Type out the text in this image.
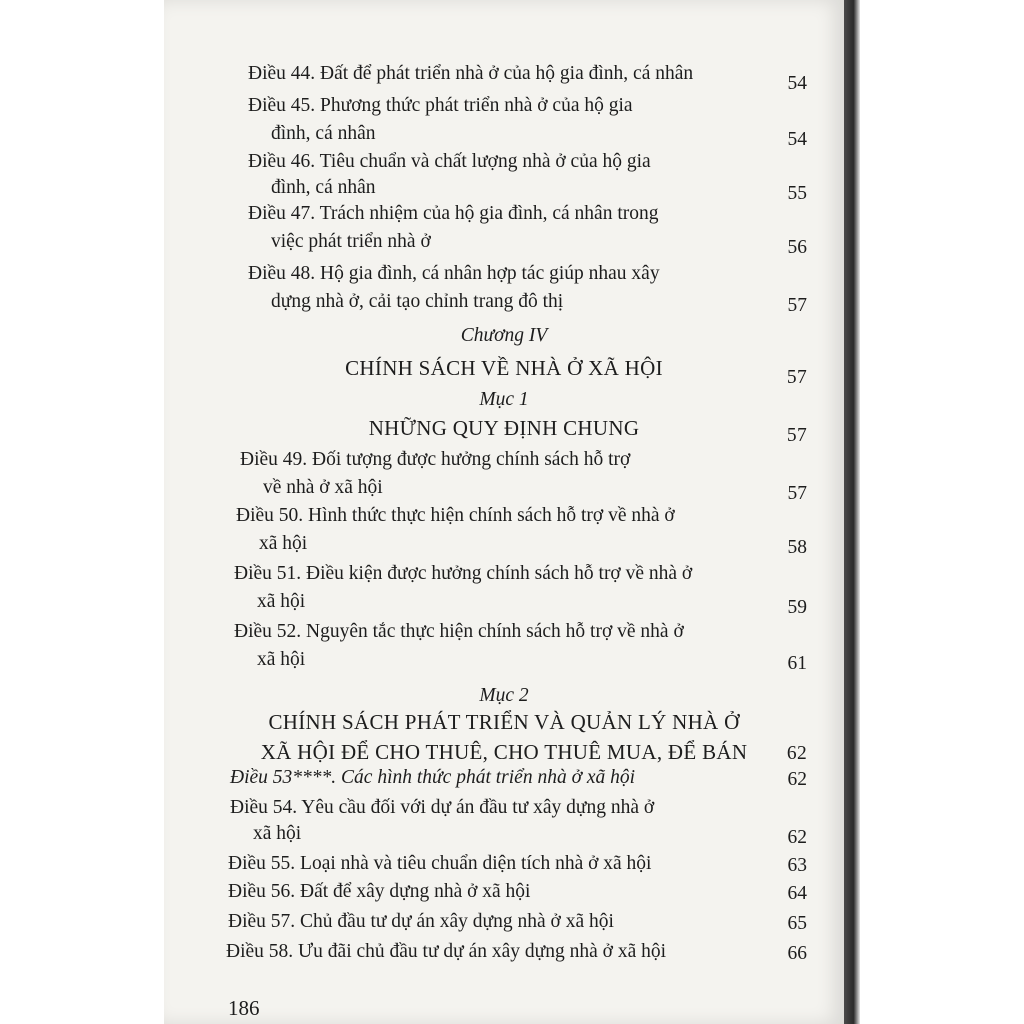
Điều 44. Đất để phát triển nhà ở của hộ gia đình, cá nhân	54
Điều 45. Phương thức phát triển nhà ở của hộ gia
đình, cá nhân	54
Điều 46. Tiêu chuẩn và chất lượng nhà ở của hộ gia
đình, cá nhân	55
Điều 47. Trách nhiệm của hộ gia đình, cá nhân trong
việc phát triển nhà ở	56
Điều 48. Hộ gia đình, cá nhân hợp tác giúp nhau xây
dựng nhà ở, cải tạo chỉnh trang đô thị	57
Chương IV
CHÍNH SÁCH VỀ NHÀ Ở XÃ HỘI	57
Mục 1
NHỮNG QUY ĐỊNH CHUNG	57
Điều 49. Đối tượng được hưởng chính sách hỗ trợ
về nhà ở xã hội	57
Điều 50. Hình thức thực hiện chính sách hỗ trợ về nhà ở
xã hội	58
Điều 51. Điều kiện được hưởng chính sách hỗ trợ về nhà ở
xã hội	59
Điều 52. Nguyên tắc thực hiện chính sách hỗ trợ về nhà ở
xã hội	61
Mục 2
CHÍNH SÁCH PHÁT TRIỂN VÀ QUẢN LÝ NHÀ Ở
XÃ HỘI ĐỂ CHO THUÊ, CHO THUÊ MUA, ĐỂ BÁN	62
Điều 53****. Các hình thức phát triển nhà ở xã hội	62
Điều 54. Yêu cầu đối với dự án đầu tư xây dựng nhà ở
xã hội	62
Điều 55. Loại nhà và tiêu chuẩn diện tích nhà ở xã hội	63
Điều 56. Đất để xây dựng nhà ở xã hội	64
Điều 57. Chủ đầu tư dự án xây dựng nhà ở xã hội	65
Điều 58. Ưu đãi chủ đầu tư dự án xây dựng nhà ở xã hội	66
186
